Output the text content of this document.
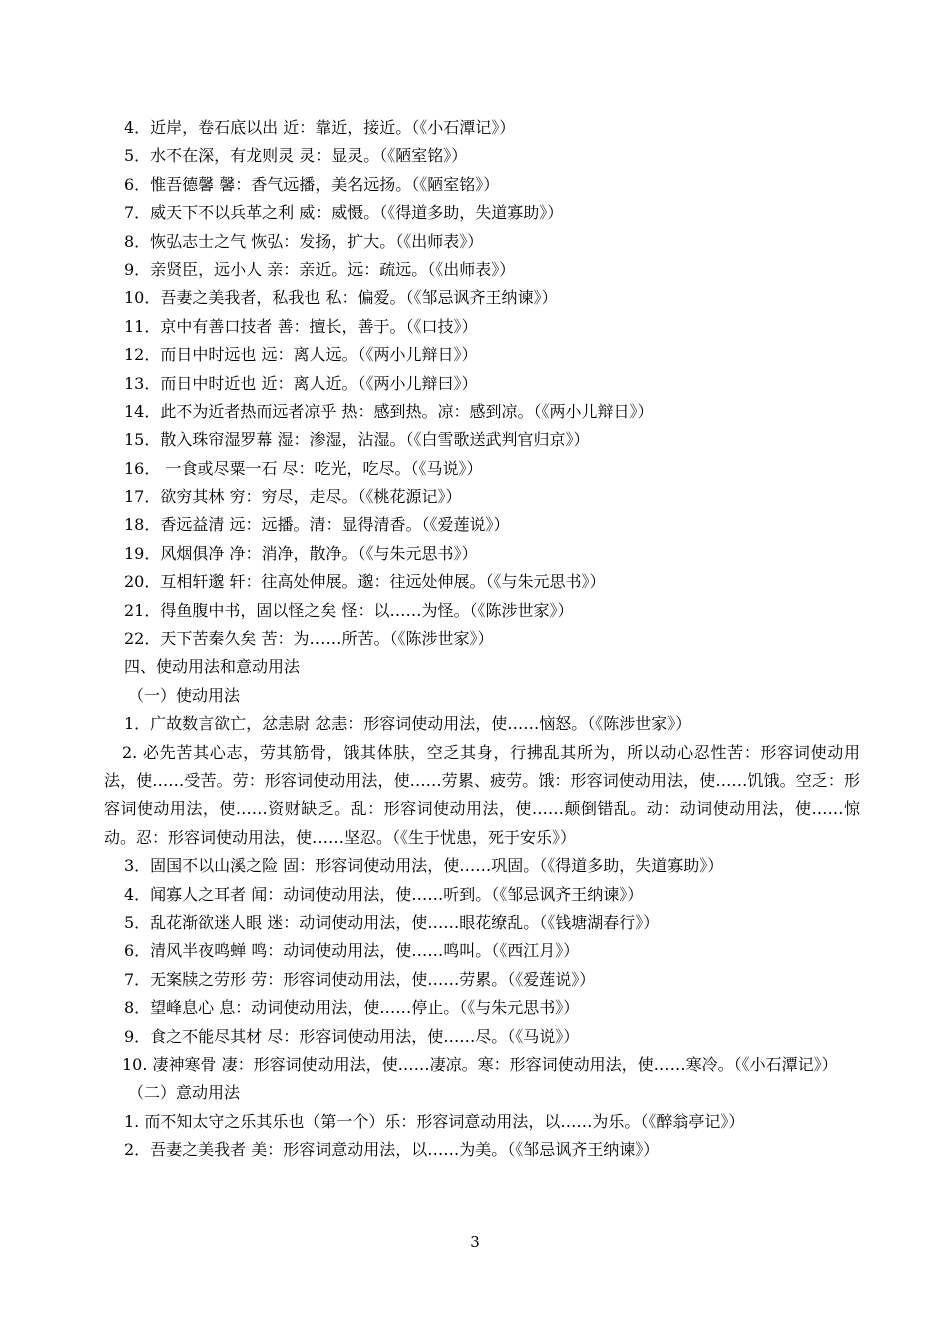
4．近岸，卷石底以出 近：靠近，接近。（《小石潭记》）
5．水不在深，有龙则灵 灵：显灵。（《陋室铭》）
6．惟吾德馨 馨：香气远播，美名远扬。（《陋室铭》）
7．威天下不以兵革之利 威：威慑。（《得道多助，失道寡助》）
8．恢弘志士之气 恢弘：发扬，扩大。（《出师表》）
9．亲贤臣，远小人 亲：亲近。远：疏远。（《出师表》）
10．吾妻之美我者，私我也 私：偏爱。（《邹忌讽齐王纳谏》）
11．京中有善口技者 善：擅长，善于。（《口技》）
12．而日中时远也 远：离人远。（《两小儿辩日》）
13．而日中时近也 近：离人近。（《两小儿辩曰》）
14．此不为近者热而远者凉乎 热：感到热。凉：感到凉。（《两小儿辩日》）
15．散入珠帘湿罗幕 湿：渗湿，沾湿。（《白雪歌送武判官归京》）
16． 一食或尽粟一石 尽：吃光，吃尽。（《马说》）
17．欲穷其林 穷：穷尽，走尽。（《桃花源记》）
18．香远益清 远：远播。清：显得清香。（《爱莲说》）
19．风烟俱净 净：消净，散净。（《与朱元思书》）
20．互相轩邈 轩：往高处伸展。邈：往远处伸展。（《与朱元思书》）
21．得鱼腹中书，固以怪之矣 怪：以……为怪。（《陈涉世家》）
22．天下苦秦久矣 苦：为……所苦。（《陈涉世家》）
四、使动用法和意动用法
（一）使动用法
1．广故数言欲亡，忿恚尉 忿恚：形容词使动用法，使……恼怒。（《陈涉世家》）
2. 必先苦其心志，劳其筋骨，饿其体肤，空乏其身，行拂乱其所为，所以动心忍性苦：形容词使动用法，使……受苦。劳：形容词使动用法，使……劳累、疲劳。饿：形容词使动用法，使……饥饿。空乏：形容词使动用法，使……资财缺乏。乱：形容词使动用法，使……颠倒错乱。动：动词使动用法，使……惊动。忍：形容词使动用法，使……坚忍。（《生于忧患，死于安乐》）
3．固国不以山溪之险 固：形容词使动用法，使……巩固。（《得道多助，失道寡助》）
4．闻寡人之耳者 闻：动词使动用法，使……听到。（《邹忌讽齐王纳谏》）
5．乱花渐欲迷人眼 迷：动词使动用法，使……眼花缭乱。（《钱塘湖春行》）
6．清风半夜鸣蝉 鸣：动词使动用法，使……鸣叫。（《西江月》）
7．无案牍之劳形 劳：形容词使动用法，使……劳累。（《爱莲说》）
8．望峰息心 息：动词使动用法，使……停止。（《与朱元思书》）
9．食之不能尽其材 尽：形容词使动用法，使……尽。（《马说》）
10. 凄神寒骨 凄：形容词使动用法，使……凄凉。寒：形容词使动用法，使……寒冷。（《小石潭记》）
（二）意动用法
1. 而不知太守之乐其乐也（第一个）乐：形容词意动用法，以……为乐。（《醉翁亭记》）
2．吾妻之美我者 美：形容词意动用法，以……为美。（《邹忌讽齐王纳谏》）
3
